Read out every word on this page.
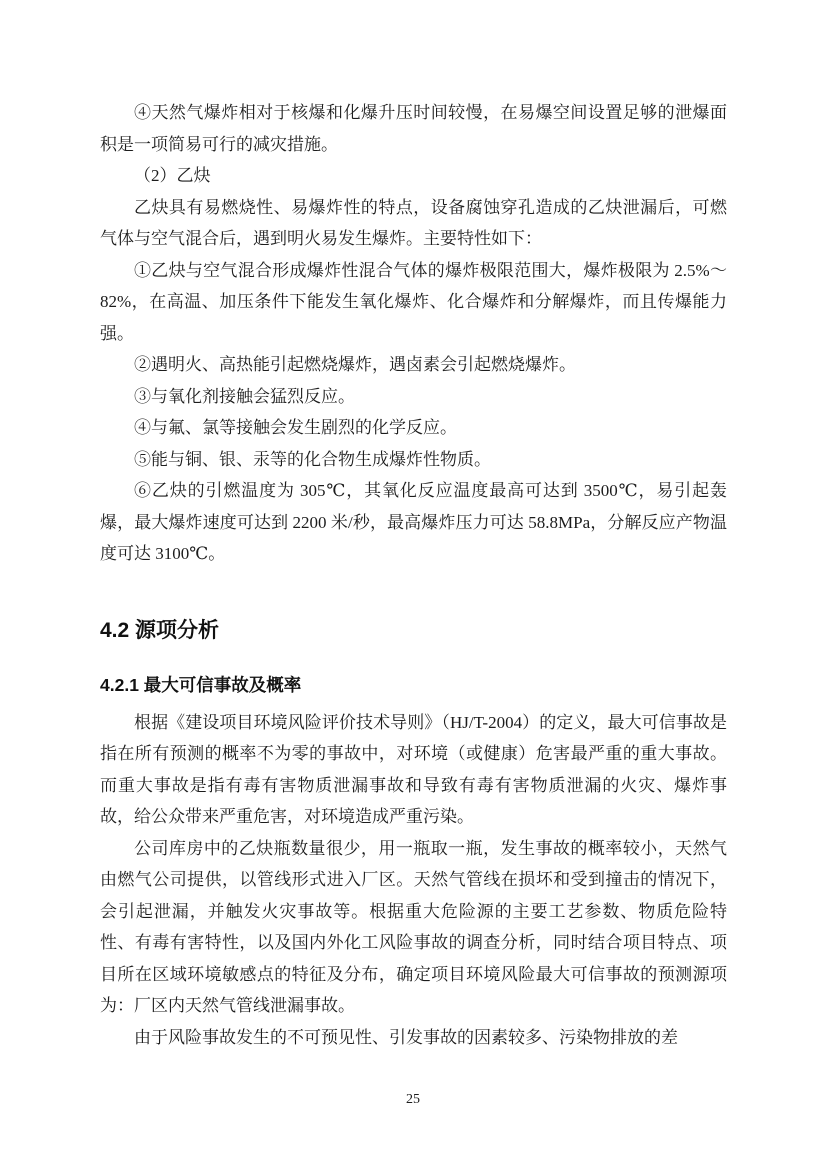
④天然气爆炸相对于核爆和化爆升压时间较慢，在易爆空间设置足够的泄爆面积是一项简易可行的减灾措施。

（2）乙炔

乙炔具有易燃烧性、易爆炸性的特点，设备腐蚀穿孔造成的乙炔泄漏后，可燃气体与空气混合后，遇到明火易发生爆炸。主要特性如下：

①乙炔与空气混合形成爆炸性混合气体的爆炸极限范围大，爆炸极限为 2.5%～82%，在高温、加压条件下能发生氧化爆炸、化合爆炸和分解爆炸，而且传爆能力强。

②遇明火、高热能引起燃烧爆炸，遇卤素会引起燃烧爆炸。

③与氧化剂接触会猛烈反应。

④与氟、氯等接触会发生剧烈的化学反应。

⑤能与铜、银、汞等的化合物生成爆炸性物质。

⑥乙炔的引燃温度为 305℃，其氧化反应温度最高可达到 3500℃，易引起轰爆，最大爆炸速度可达到 2200 米/秒，最高爆炸压力可达 58.8MPa，分解反应产物温度可达 3100℃。

4.2 源项分析
4.2.1 最大可信事故及概率

根据《建设项目环境风险评价技术导则》（HJ/T-2004）的定义，最大可信事故是指在所有预测的概率不为零的事故中，对环境（或健康）危害最严重的重大事故。而重大事故是指有毒有害物质泄漏事故和导致有毒有害物质泄漏的火灾、爆炸事故，给公众带来严重危害，对环境造成严重污染。

公司库房中的乙炔瓶数量很少，用一瓶取一瓶，发生事故的概率较小，天然气由燃气公司提供，以管线形式进入厂区。天然气管线在损坏和受到撞击的情况下，会引起泄漏，并触发火灾事故等。根据重大危险源的主要工艺参数、物质危险特性、有毒有害特性，以及国内外化工风险事故的调查分析，同时结合项目特点、项目所在区域环境敏感点的特征及分布，确定项目环境风险最大可信事故的预测源项为：厂区内天然气管线泄漏事故。

由于风险事故发生的不可预见性、引发事故的因素较多、污染物排放的差

25
